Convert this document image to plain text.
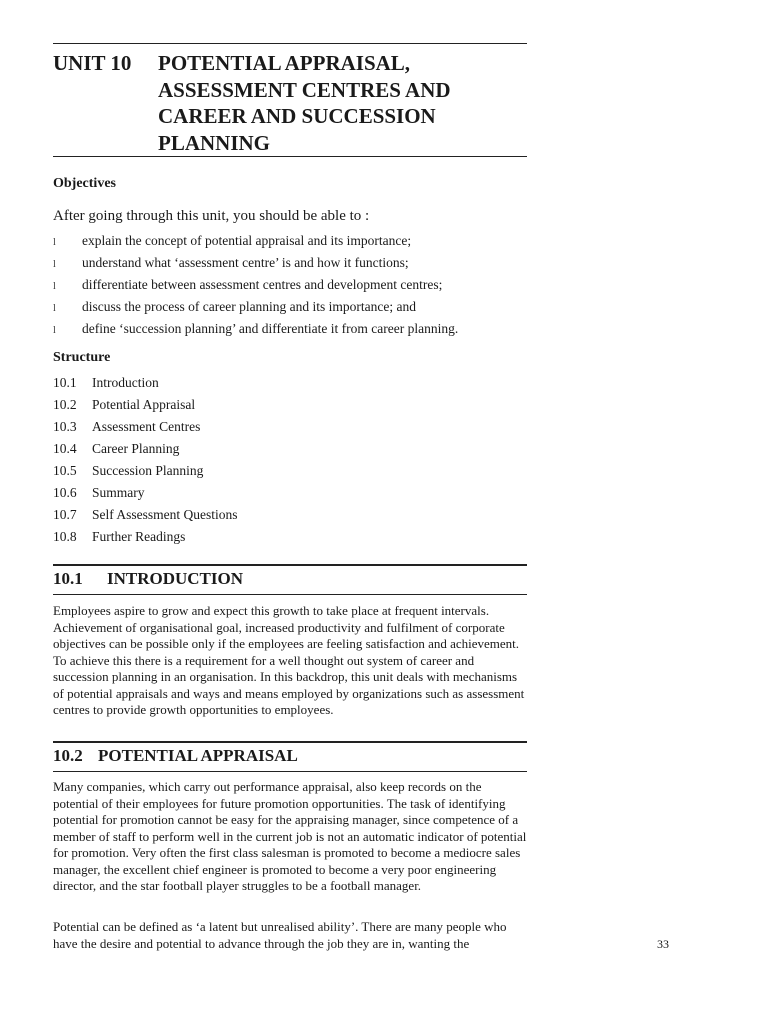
UNIT 10 POTENTIAL APPRAISAL, ASSESSMENT CENTRES AND CAREER AND SUCCESSION PLANNING
Objectives
After going through this unit, you should be able to :
l explain the concept of potential appraisal and its importance;
l understand what ‘assessment centre’ is and how it functions;
l differentiate between assessment centres and development centres;
l discuss the process of career planning and its importance; and
l define ‘succession planning’ and differentiate it from career planning.
Structure
10.1 Introduction
10.2 Potential Appraisal
10.3 Assessment Centres
10.4 Career Planning
10.5 Succession Planning
10.6 Summary
10.7 Self Assessment Questions
10.8 Further Readings
10.1 INTRODUCTION

Employees aspire to grow and expect this growth to take place at frequent intervals. Achievement of organisational goal, increased productivity and fulfilment of corporate objectives can be possible only if the employees are feeling satisfaction and achievement. To achieve this there is a requirement for a well thought out system of career and succession planning in an organisation. In this backdrop, this unit deals with mechanisms of potential appraisals and ways and means employed by organizations such as assessment centres to provide growth opportunities to employees.

10.2 POTENTIAL APPRAISAL

Many companies, which carry out performance appraisal, also keep records on the potential of their employees for future promotion opportunities. The task of identifying potential for promotion cannot be easy for the appraising manager, since competence of a member of staff to perform well in the current job is not an automatic indicator of potential for promotion. Very often the first class salesman is promoted to become a mediocre sales manager, the excellent chief engineer is promoted to become a very poor engineering director, and the star football player struggles to be a football manager.

Potential can be defined as ‘a latent but unrealised ability’. There are many people who have the desire and potential to advance through the job they are in, wanting the	33
